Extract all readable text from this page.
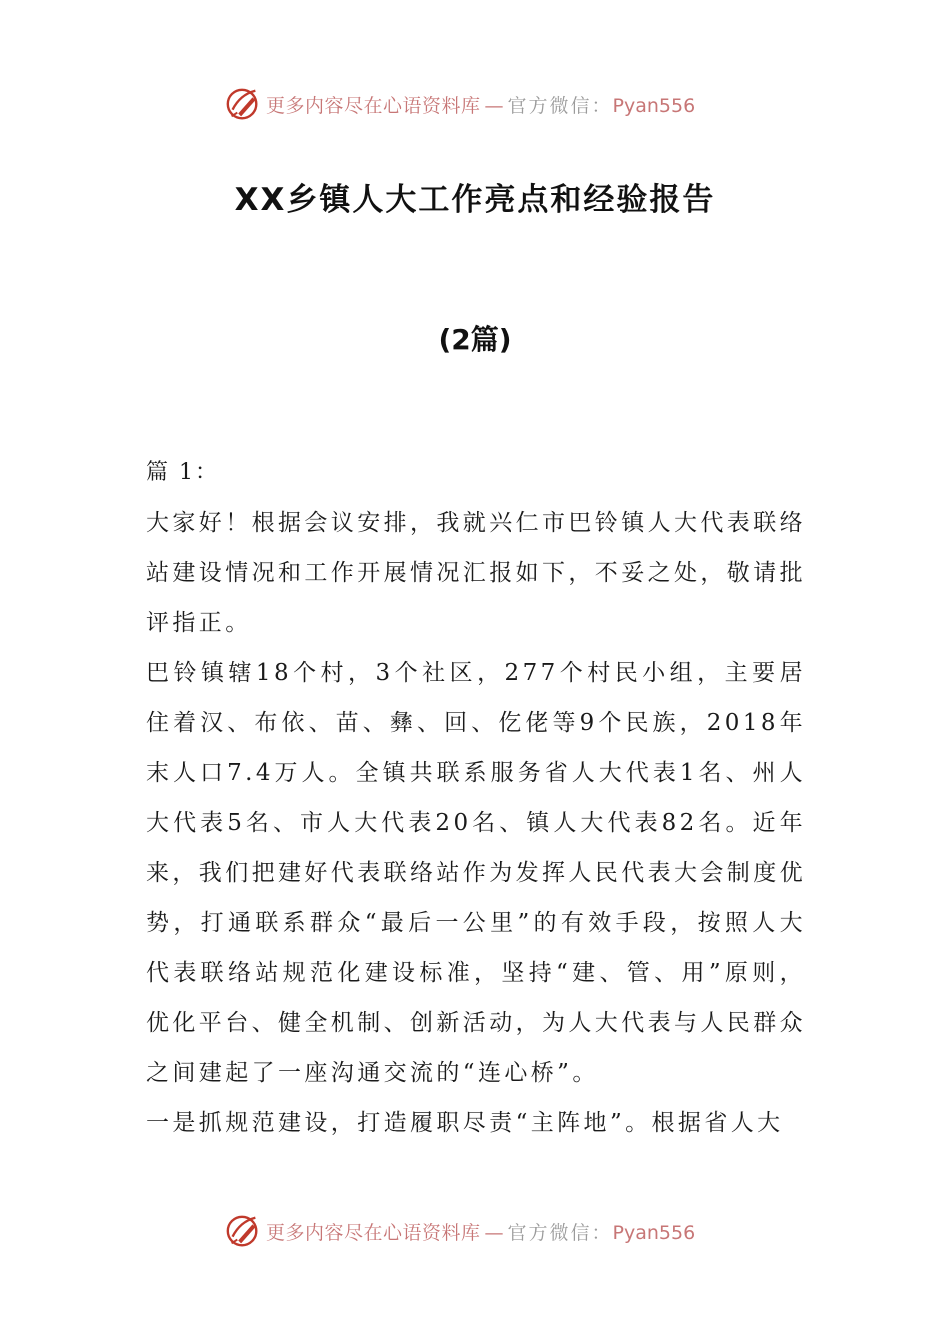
更多内容尽在心语资料库 — 官方微信：Pyan556
XX乡镇人大工作亮点和经验报告
(2篇)
篇 1：

大家好！根据会议安排，我就兴仁市巴铃镇人大代表联络站建设情况和工作开展情况汇报如下，不妥之处，敬请批评指正。

巴铃镇辖18个村，3个社区，277个村民小组，主要居住着汉、布依、苗、彝、回、仡佬等9个民族，2018年末人口7.4万人。全镇共联系服务省人大代表1名、州人大代表5名、市人大代表20名、镇人大代表82名。近年来，我们把建好代表联络站作为发挥人民代表大会制度优势，打通联系群众“最后一公里”的有效手段，按照人大代表联络站规范化建设标准，坚持“建、管、用”原则，优化平台、健全机制、创新活动，为人大代表与人民群众之间建起了一座沟通交流的“连心桥”。

一是抓规范建设，打造履职尽责“主阵地”。根据省人大

更多内容尽在心语资料库 — 官方微信：Pyan556
